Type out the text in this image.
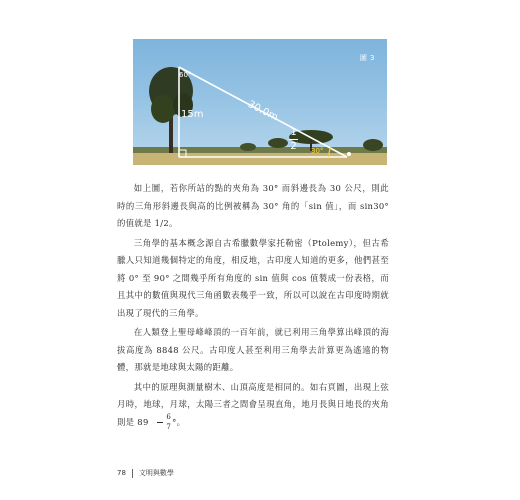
圖 3
60°
15m	30.0m
1
2 30°

如上圖，若你所站的點的夾角為 30° 而斜邊長為 30 公尺，則此時的三角形斜邊長與高的比例被稱為 30° 角的「sin 值」，而 sin30° 的值就是 1/2。

三角學的基本概念源自古希臘數學家托勒密（Ptolemy），但古希臘人只知道幾個特定的角度，相反地，古印度人知道的更多，他們甚至將 0° 至 90° 之間幾乎所有角度的 sin 值與 cos 值製成一份表格，而且其中的數值與現代三角函數表幾乎一致，所以可以說在古印度時期就出現了現代的三角學。

在人類登上聖母峰峰頂的一百年前，就已利用三角學算出峰頂的海拔高度為 8848 公尺。古印度人甚至利用三角學去計算更為遙遠的物體，那就是地球與太陽的距離。

其中的原理與測量樹木、山頂高度是相同的。如右頁圖，出現上弦月時，地球，月球，太陽三者之間會呈現直角，地月長與日地長的夾角則是 $89 \frac{6}{7}$ °。

78 文明與數學
